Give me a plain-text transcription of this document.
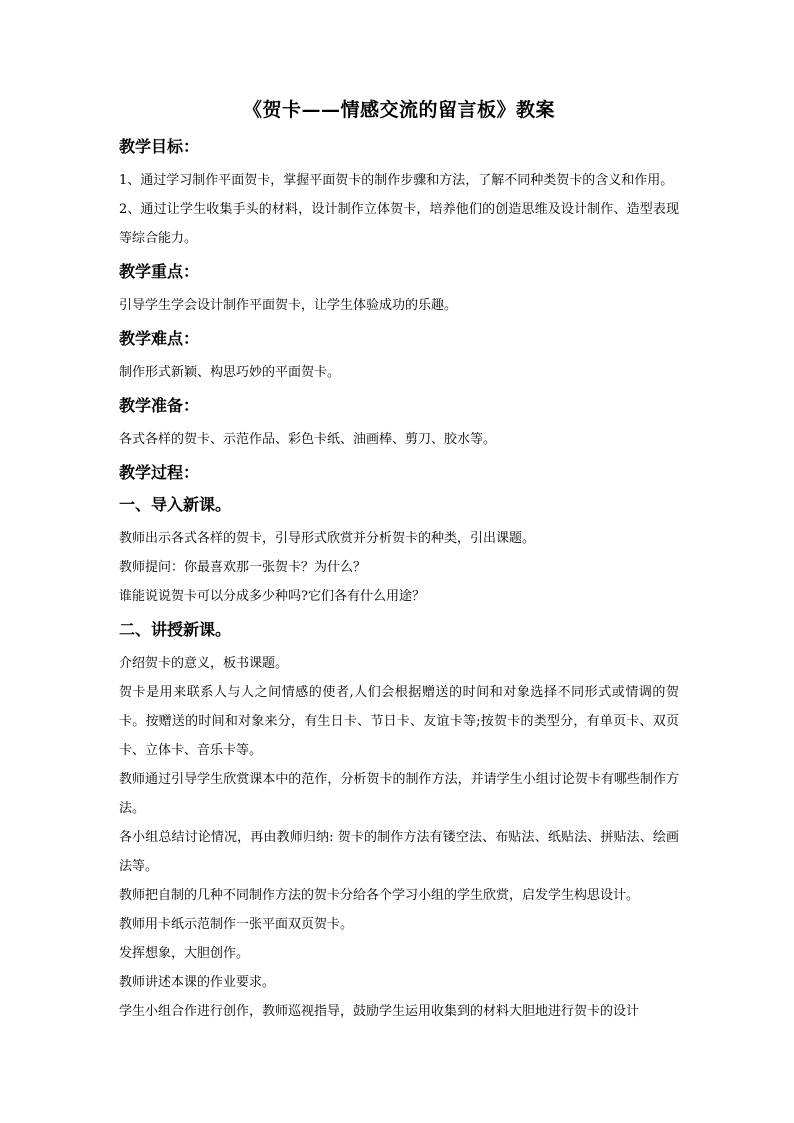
《贺卡——情感交流的留言板》教案
教学目标：

1、通过学习制作平面贺卡，掌握平面贺卡的制作步骤和方法，了解不同种类贺卡的含义和作用。

2、通过让学生收集手头的材料，设计制作立体贺卡，培养他们的创造思维及设计制作、造型表现等综合能力。

教学重点：

引导学生学会设计制作平面贺卡，让学生体验成功的乐趣。

教学难点：

制作形式新颖、构思巧妙的平面贺卡。

教学准备：

各式各样的贺卡、示范作品、彩色卡纸、油画棒、剪刀、胶水等。

教学过程：
一、导入新课。

教师出示各式各样的贺卡，引导形式欣赏并分析贺卡的种类，引出课题。

教师提问：你最喜欢那一张贺卡？为什么？

谁能说说贺卡可以分成多少种吗?它们各有什么用途？

二、讲授新课。

介绍贺卡的意义，板书课题。

贺卡是用来联系人与人之间情感的使者,人们会根据赠送的时间和对象选择不同形式或情调的贺卡。按赠送的时间和对象来分，有生日卡、节日卡、友谊卡等;按贺卡的类型分，有单页卡、双页卡、立体卡、音乐卡等。

教师通过引导学生欣赏课本中的范作，分析贺卡的制作方法，并请学生小组讨论贺卡有哪些制作方法。

各小组总结讨论情况，再由教师归纳: 贺卡的制作方法有镂空法、布贴法、纸贴法、拼贴法、绘画法等。

教师把自制的几种不同制作方法的贺卡分给各个学习小组的学生欣赏，启发学生构思设计。

教师用卡纸示范制作一张平面双页贺卡。

发挥想象，大胆创作。

教师讲述本课的作业要求。

学生小组合作进行创作，教师巡视指导，鼓励学生运用收集到的材料大胆地进行贺卡的设计
